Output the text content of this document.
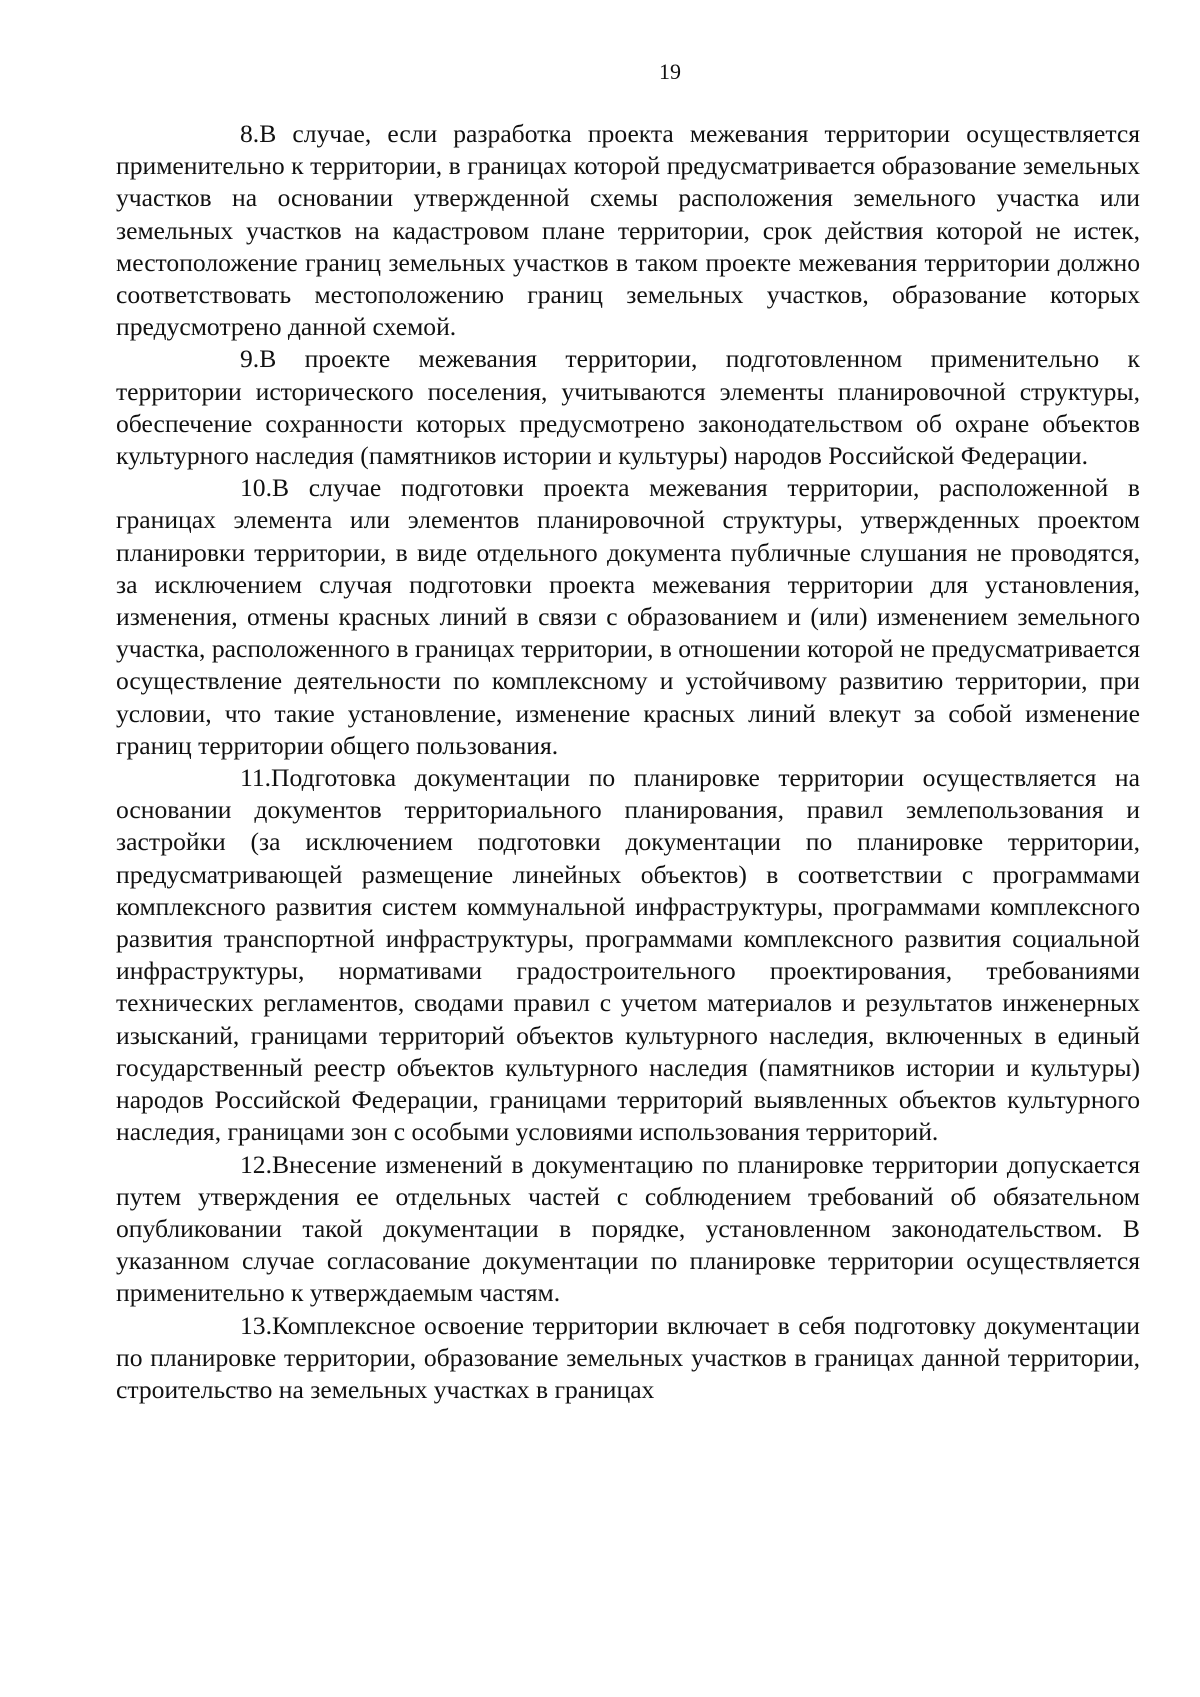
19

8.В случае, если разработка проекта межевания территории осуществляется применительно к территории, в границах которой предусматривается образование земельных участков на основании утвержденной схемы расположения земельного участка или земельных участков на кадастровом плане территории, срок действия которой не истек, местоположение границ земельных участков в таком проекте межевания территории должно соответствовать местоположению границ земельных участков, образование которых предусмотрено данной схемой.

9.В проекте межевания территории, подготовленном применительно к территории исторического поселения, учитываются элементы планировочной структуры, обеспечение сохранности которых предусмотрено законодательством об охране объектов культурного наследия (памятников истории и культуры) народов Российской Федерации.

10.В случае подготовки проекта межевания территории, расположенной в границах элемента или элементов планировочной структуры, утвержденных проектом планировки территории, в виде отдельного документа публичные слушания не проводятся, за исключением случая подготовки проекта межевания территории для установления, изменения, отмены красных линий в связи с образованием и (или) изменением земельного участка, расположенного в границах территории, в отношении которой не предусматривается осуществление деятельности по комплексному и устойчивому развитию территории, при условии, что такие установление, изменение красных линий влекут за собой изменение границ территории общего пользования.

11.Подготовка документации по планировке территории осуществляется на основании документов территориального планирования, правил землепользования и застройки (за исключением подготовки документации по планировке территории, предусматривающей размещение линейных объектов) в соответствии с программами комплексного развития систем коммунальной инфраструктуры, программами комплексного развития транспортной инфраструктуры, программами комплексного развития социальной инфраструктуры, нормативами градостроительного проектирования, требованиями технических регламентов, сводами правил с учетом материалов и результатов инженерных изысканий, границами территорий объектов культурного наследия, включенных в единый государственный реестр объектов культурного наследия (памятников истории и культуры) народов Российской Федерации, границами территорий выявленных объектов культурного наследия, границами зон с особыми условиями использования территорий.

12.Внесение изменений в документацию по планировке территории допускается путем утверждения ее отдельных частей с соблюдением требований об обязательном опубликовании такой документации в порядке, установленном законодательством. В указанном случае согласование документации по планировке территории осуществляется применительно к утверждаемым частям.

13.Комплексное освоение территории включает в себя подготовку документации по планировке территории, образование земельных участков в границах данной территории, строительство на земельных участках в границах
